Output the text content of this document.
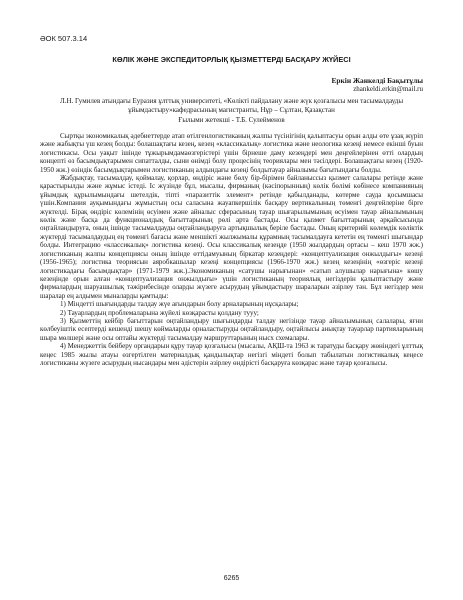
ӘОК 507.3.14
КӨЛІК ЖӘНЕ ЭКСПЕДИТОРЛЫҚ ҚЫЗМЕТТЕРДІ БАСҚАРУ ЖҮЙЕСІ

Еркін Жанкелді Бақытұлы

zhankeldi.erkin@mail.ru

Л.Н. Гумилев атындағы Еуразия ұлттық университеті, «Көлікті пайдалану және жүк қозғалысы мен тасымалдауды ұйымдастыру»кафедрасының магистранты, Нұр – Сұлтан, Қазақстан

Ғылыми жетекші - Т.Б. Сулейменов

Сыртқы экономикалық әдебиеттерде атап өтілгенлогистиканың жалпы түсінігінің қалыптасуы орын алды өте ұзақ жүріп және жабықты үш кезең болды: болашақтағы кезең, кезең «классикалық» логистика және неологика кезеңі немесе екінші буын логистикасы. Осы уақыт ішінде тұжырымдамаөзгерістері үшін бірнеше даму кезеңдері мен деңгейлерінен өтті олардың концепті өз басымдықтарымен сипатталды, сыни өнімді болу процесінің теориялары мен тәсілдері. Болашақтағы кезең (1920-1950 жж.) өзіндік басымдықтарымен логистиканың алдындағы кезеңі болдытауар айналымы бағытындағы болды.

Жабдықтау, тасымалдау, қоймалау, қорлар, өндіріс және бөлу бір-бірімен байланыссыз қызмет салалары ретінде және қарастырылды және жұмыс істеді. Іс жүзінде бұл, мысалы, фирманың (кәсіпорынның) көлік бөлімі көбінесе компанияның ұйымдық құрылымындағы шетелдік, тіпті «паразиттік элемент» ретінде қабылданады, көтерме сауда қосымшасы үшін.Компания ауқымындағы жұмыстың осы саласына жауапкершілік басқару вертикалының төменгі деңгейлеріне бірге жүктелді. Бірақ өндіріс көлемінің өсуімен және айналыс сферасының тауар шығарылымының өсуімен тауар айналымының көлік және басқа да функционалдық бағыттарының рөлі арта бастады. Осы қызмет бағыттарының әрқайсысында оңтайландыруға, оның ішінде тасымалдауды оңтайландыруға артықшылық беріле бастады. Оның критерийі көлемдік көліктік жүктерді тасымалдаудың ең төменгі бағасы және меншікті жылжымалы құрамның тасымалдауға кететін ең төменгі шығындар болды. Интеграцию «классикалық» логистика кезеңі. Осы классикалық кезеңде (1950 жылдардың ортасы – кеш 1970 жж.) логистиканың жалпы концепциясы оның ішінде өттідамуының біркатар кезеңдері: «концептуализация онжылдығы» кезеңі (1956-1965); логистика теориясын аяробкашылар кезеңі концепциясы (1966-1970 жж.) кезең кезеңінің «өзгеріс кезеңі логистикадағы басымдықтар» (1971-1979 жж.).Экономиканың «сатушы нарығынан» «сатып алушылар нарығына» көшу кезеңінде орын алған «концептуализация онжылдығы» үшін логистиканың теориялық негіздерін қалыптастыру және фирмалардың шаруашылық тәжірибесінде оларды жүзеге асырудың ұйымдастыру шараларын әзірлеу тән. Бұл негіздер мен шаралар ең алдымен мыналарды қамтыды:

1) Міндетті шығындарды талдау жүе ағындарын болу арналарының нұсқалары;

2) Тауарлардың проблемаларына жүйелі көзқарасты қолдану тууу;

3) Қызметтің кейбір бағыттарын оңтайландыру шығындарды талдау негізінде тауар айналымының салалары, яғни көлбеуіштік есептерді кешенді шешу көймаларды орналастыруды оңтайландыру, оңтайлысы анықтау тауарлар партияларының шыра мөлшері және осы оптайы жүктерді тасымалдау маршруттарының нысх схемалары.

4) Менеджеттік бейберу органдарын құру тауар қозғалысы (мысалы, АҚШ-та 1963 ж таратуды басқару жөніндегі ұлттық кеңес 1985 жылы атауы өзгертілген материалдық қандылықтар негізгі міндеті болып табылатын логистикалық кеңесе логистиканы жүзеге асырудың нысандары мен әдістерін әзірлеу өндірісті басқаруға көзқарас және тауар қозғалысы.

6265
